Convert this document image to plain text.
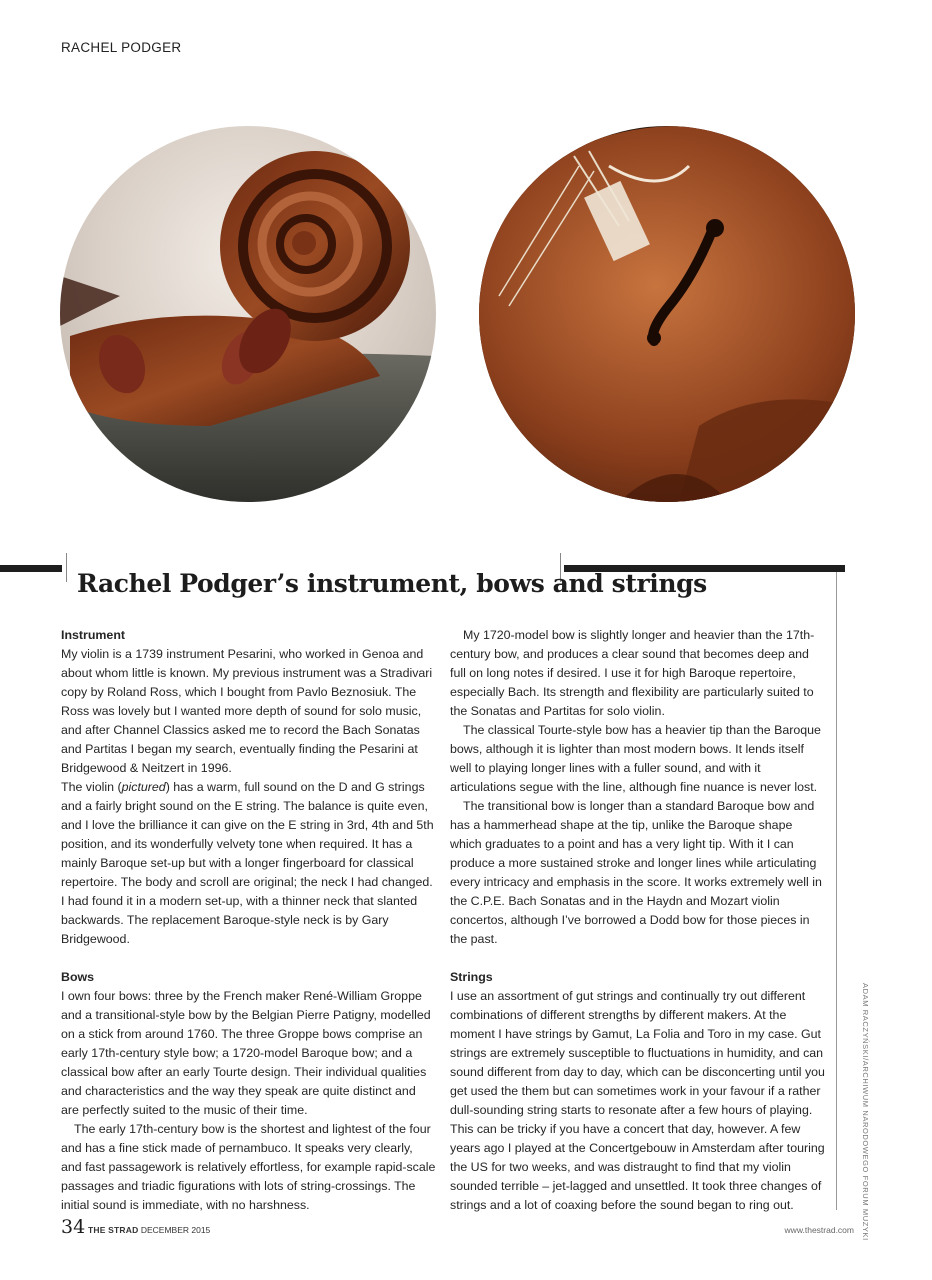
RACHEL PODGER
Rachel Podger’s instrument, bows and strings

Instrument

My violin is a 1739 instrument Pesarini, who worked in Genoa and about whom little is known. My previous instrument was a Stradivari copy by Roland Ross, which I bought from Pavlo Beznosiuk. The Ross was lovely but I wanted more depth of sound for solo music, and after Channel Classics asked me to record the Bach Sonatas and Partitas I began my search, eventually finding the Pesarini at Bridgewood & Neitzert in 1996.

The violin (pictured) has a warm, full sound on the D and G strings and a fairly bright sound on the E string. The balance is quite even, and I love the brilliance it can give on the E string in 3rd, 4th and 5th position, and its wonderfully velvety tone when required. It has a mainly Baroque set-up but with a longer fingerboard for classical repertoire. The body and scroll are original; the neck I had changed. I had found it in a modern set-up, with a thinner neck that slanted backwards. The replacement Baroque-style neck is by Gary Bridgewood.

Bows

I own four bows: three by the French maker René-William Groppe and a transitional-style bow by the Belgian Pierre Patigny, modelled on a stick from around 1760. The three Groppe bows comprise an early 17th-century style bow; a 1720-model Baroque bow; and a classical bow after an early Tourte design. Their individual qualities and characteristics and the way they speak are quite distinct and are perfectly suited to the music of their time.

The early 17th-century bow is the shortest and lightest of the four and has a fine stick made of pernambuco. It speaks very clearly, and fast passagework is relatively effortless, for example rapid-scale passages and triadic figurations with lots of string-crossings. The initial sound is immediate, with no harshness.

My 1720-model bow is slightly longer and heavier than the 17th-century bow, and produces a clear sound that becomes deep and full on long notes if desired. I use it for high Baroque repertoire, especially Bach. Its strength and flexibility are particularly suited to the Sonatas and Partitas for solo violin.

The classical Tourte-style bow has a heavier tip than the Baroque bows, although it is lighter than most modern bows. It lends itself well to playing longer lines with a fuller sound, and with it articulations segue with the line, although fine nuance is never lost.

The transitional bow is longer than a standard Baroque bow and has a hammerhead shape at the tip, unlike the Baroque shape which graduates to a point and has a very light tip. With it I can produce a more sustained stroke and longer lines while articulating every intricacy and emphasis in the score. It works extremely well in the C.P.E. Bach Sonatas and in the Haydn and Mozart violin concertos, although I’ve borrowed a Dodd bow for those pieces in the past.

Strings

I use an assortment of gut strings and continually try out different combinations of different strengths by different makers. At the moment I have strings by Gamut, La Folia and Toro in my case. Gut strings are extremely susceptible to fluctuations in humidity, and can sound different from day to day, which can be disconcerting until you get used the them but can sometimes work in your favour if a rather dull-sounding string starts to resonate after a few hours of playing. This can be tricky if you have a concert that day, however. A few years ago I played at the Concertgebouw in Amsterdam after touring the US for two weeks, and was distraught to find that my violin sounded terrible – jet-lagged and unsettled. It took three changes of strings and a lot of coaxing before the sound began to ring out.	ADAM RACZYŃSKI/ARCHIWUM NARODOWEGO FORUM MUZYKI
34 THE STRAD DECEMBER 2015	www.thestrad.com
